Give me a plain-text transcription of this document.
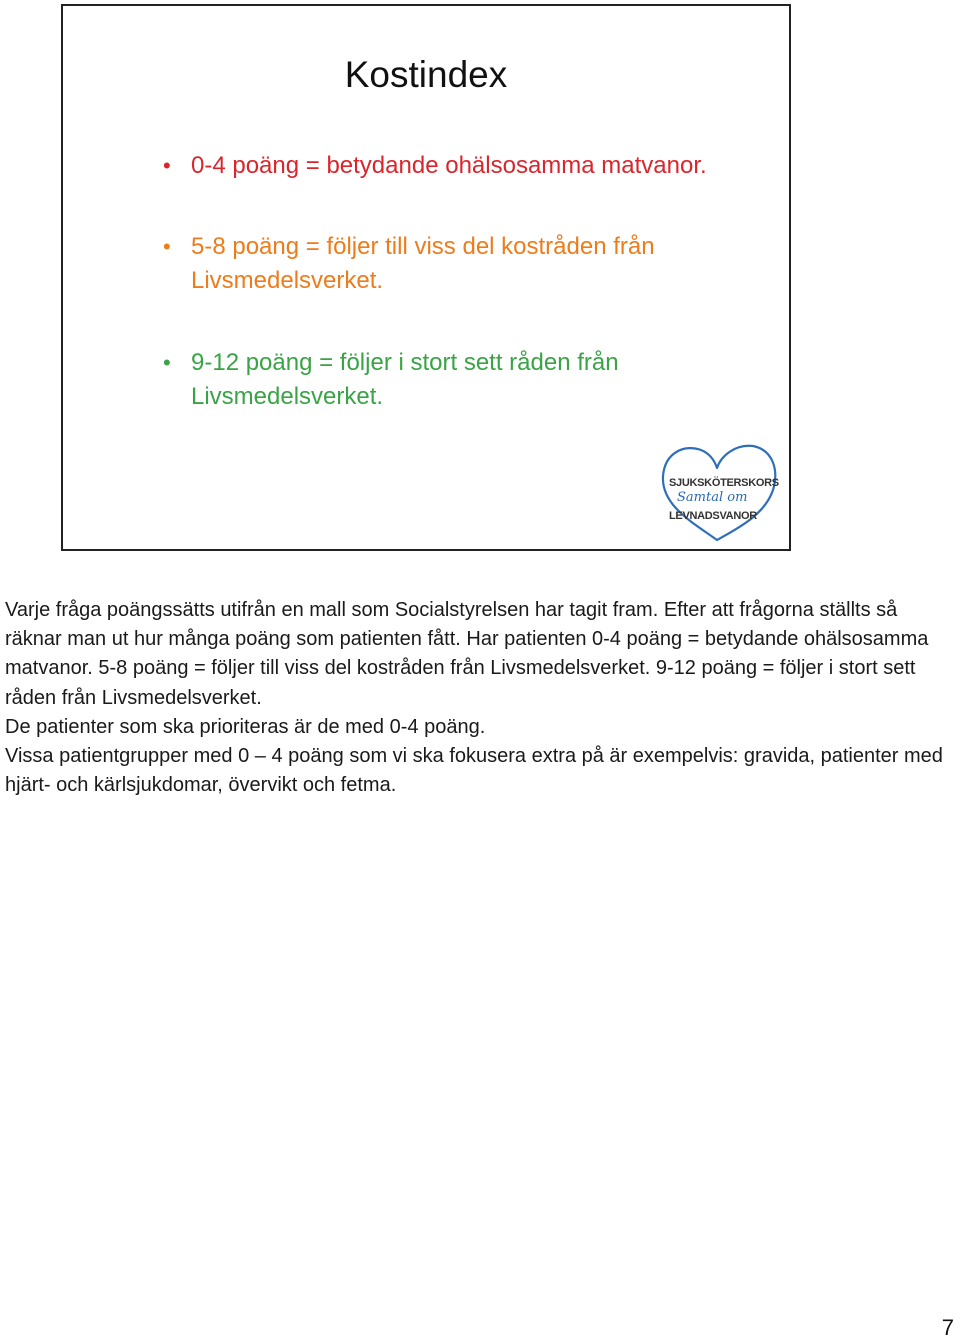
Kostindex
• 0-4 poäng = betydande ohälsosamma matvanor.
• 5-8 poäng = följer till viss del kostråden från Livsmedelsverket.
• 9-12 poäng = följer i stort sett råden från Livsmedelsverket.
SJUKSKÖTERSKORS
Samtal om
LEVNADSVANOR

Varje fråga poängssätts utifrån en mall som Socialstyrelsen har tagit fram. Efter att frågorna ställts så räknar man ut hur många poäng som patienten fått. Har patienten 0-4 poäng = betydande ohälsosamma matvanor. 5-8 poäng = följer till viss del kostråden från Livsmedelsverket. 9-12 poäng = följer i stort sett råden från Livsmedelsverket.

De patienter som ska prioriteras är de med 0-4 poäng.

Vissa patientgrupper med 0 – 4 poäng som vi ska fokusera extra på är exempelvis: gravida, patienter med hjärt- och kärlsjukdomar, övervikt och fetma.

7
